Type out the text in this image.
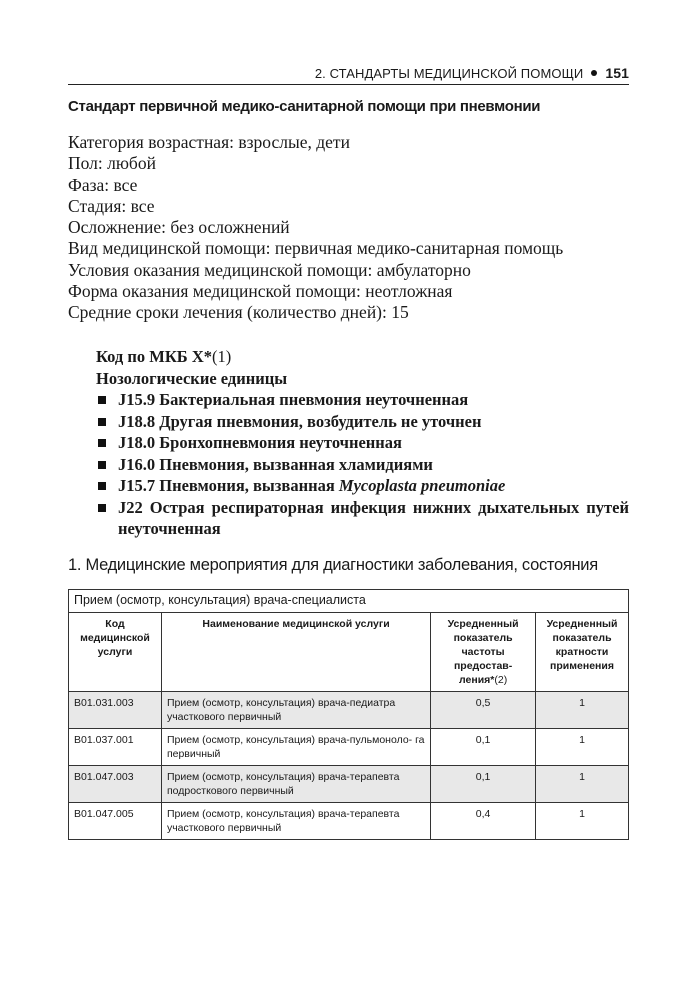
2. СТАНДАРТЫ МЕДИЦИНСКОЙ ПОМОЩИ 151
Стандарт первичной медико-санитарной помощи при пневмонии
Категория возрастная: взрослые, дети
Пол: любой
Фаза: все
Стадия: все
Осложнение: без осложнений
Вид медицинской помощи: первичная медико-санитарная помощь
Условия оказания медицинской помощи: амбулаторно
Форма оказания медицинской помощи: неотложная
Средние сроки лечения (количество дней): 15
Код по МКБ X*(1)
Нозологические единицы
J15.9 Бактериальная пневмония неуточненная
J18.8 Другая пневмония, возбудитель не уточнен
J18.0 Бронхопневмония неуточненная
J16.0 Пневмония, вызванная хламидиями
J15.7 Пневмония, вызванная Mycoplasta pneumoniae
J22 Острая респираторная инфекция нижних дыхательных путей неуточненная
1. Медицинские мероприятия для диагностики заболевания, состояния
Прием (осмотр, консультация) врача-специалиста			
Код медицинской услуги	Наименование медицинской услуги	Усредненный показатель частоты предостав- ления*(2)	Усредненный показатель кратности применения
B01.031.003	Прием (осмотр, консультация) врача-педиатра участкового первичный	0,5	1
B01.037.001	Прием (осмотр, консультация) врача-пульмоноло- га первичный	0,1	1
B01.047.003	Прием (осмотр, консультация) врача-терапевта подросткового первичный	0,1	1
B01.047.005	Прием (осмотр, консультация) врача-терапевта участкового первичный	0,4	1
